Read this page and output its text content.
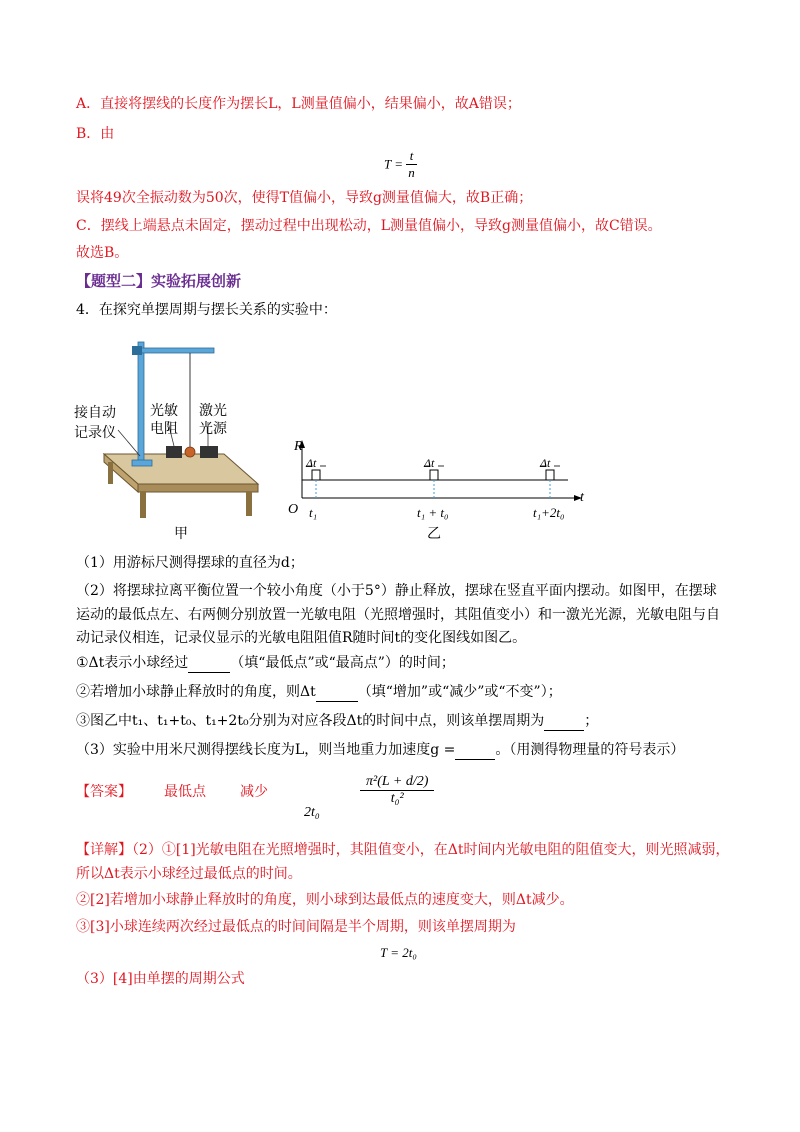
A．直接将摆线的长度作为摆长L，L测量值偏小，结果偏小，故A错误；
B．由
$T = \frac{t}{n}$
误将49次全振动数为50次，使得T值偏小，导致g测量值偏大，故B正确；
C．摆线上端悬点未固定，摆动过程中出现松动，L测量值偏小，导致g测量值偏小，故C错误。
故选B。
【题型二】实验拓展创新
4．在探究单摆周期与摆长关系的实验中：
接自动
记录仪
光敏
电阻
激光
光源
甲
R
t
O
Δt	Δt	Δt
t₁	t₁ + t₀	t₁+2t₀
乙
（1）用游标尺测得摆球的直径为d；
（2）将摆球拉离平衡位置一个较小角度（小于5°）静止释放，摆球在竖直平面内摆动。如图甲，在摆球
运动的最低点左、右两侧分别放置一光敏电阻（光照增强时，其阻值变小）和一激光光源，光敏电阻与自
动记录仪相连，记录仪显示的光敏电阻阻值R随时间t的变化图线如图乙。
①Δt表示小球经过	（填“最低点”或“最高点”）的时间；
②若增加小球静止释放时的角度，则Δt	（填“增加”或“减少”或“不变”）；
③图乙中t₁、t₁+t₀、t₁+2t₀分别为对应各段Δt的时间中点，则该单摆周期为	；
（3）实验中用米尺测得摆线长度为L，则当地重力加速度g =	。（用测得物理量的符号表示）
【答案】 最低点 减少
2t₀
$\frac{\text{π²(L + d/2)}}{\text{t₀²}}$
【详解】（2）①[1]光敏电阻在光照增强时，其阻值变小，在Δt时间内光敏电阻的阻值变大，则光照减弱，
所以Δt表示小球经过最低点的时间。
②[2]若增加小球静止释放时的角度，则小球到达最低点的速度变大，则Δt减少。
③[3]小球连续两次经过最低点的时间间隔是半个周期，则该单摆周期为
T = 2t₀
（3）[4]由单摆的周期公式
